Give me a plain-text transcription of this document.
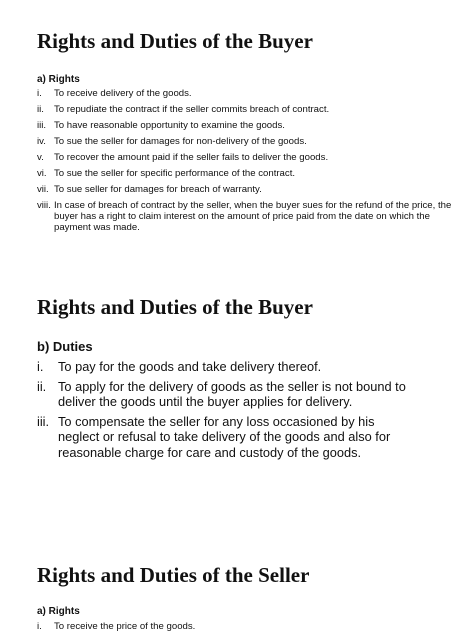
Rights and Duties of the Buyer
a) Rights
i. To receive delivery of the goods.
ii. To repudiate the contract if the seller commits breach of contract.
iii. To have reasonable opportunity to examine the goods.
iv. To sue the seller for damages for non-delivery of the goods.
v. To recover the amount paid if the seller fails to deliver the goods.
vi. To sue the seller for specific performance of the contract.
vii. To sue seller for damages for breach of warranty.
viii. In case of breach of contract by the seller, when the buyer sues for the refund of the price, the buyer has a right to claim interest on the amount of price paid from the date on which the payment was made.
Rights and Duties of the Buyer
b) Duties
i. To pay for the goods and take delivery thereof.
ii. To apply for the delivery of goods as the seller is not bound to deliver the goods until the buyer applies for delivery.
iii. To compensate the seller for any loss occasioned by his neglect or refusal to take delivery of the goods and also for reasonable charge for care and custody of the goods.
Rights and Duties of the Seller
a) Rights
i. To receive the price of the goods.
